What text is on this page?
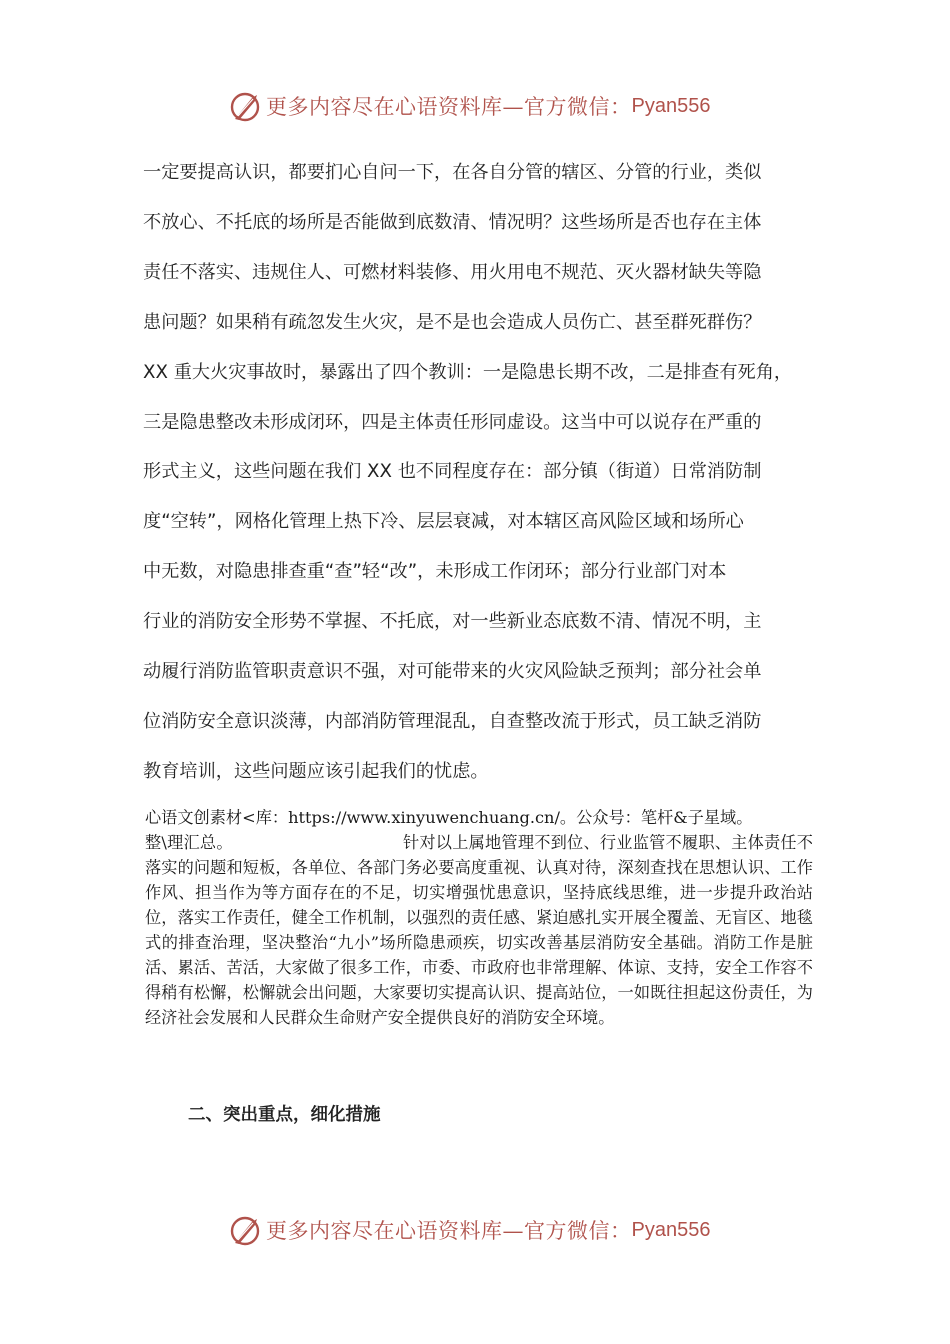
更多内容尽在心语资料库—官方微信： Pyan556
一定要提高认识，都要扪心自问一下，在各自分管的辖区、分管的行业，类似
不放心、不托底的场所是否能做到底数清、情况明？这些场所是否也存在主体
责任不落实、违规住人、可燃材料装修、用火用电不规范、灭火器材缺失等隐
患问题？如果稍有疏忽发生火灾，是不是也会造成人员伤亡、甚至群死群伤？
XX 重大火灾事故时，暴露出了四个教训：一是隐患长期不改，二是排查有死角，
三是隐患整改未形成闭环，四是主体责任形同虚设。这当中可以说存在严重的
形式主义，这些问题在我们 XX 也不同程度存在：部分镇（街道）日常消防制
度“空转”，网格化管理上热下冷、层层衰减，对本辖区高风险区域和场所心
中无数，对隐患排查重“查”轻“改”，未形成工作闭环；部分行业部门对本
行业的消防安全形势不掌握、不托底，对一些新业态底数不清、情况不明，主
动履行消防监管职责意识不强，对可能带来的火灾风险缺乏预判；部分社会单
位消防安全意识淡薄，内部消防管理混乱，自查整改流于形式，员工缺乏消防
教育培训，这些问题应该引起我们的忧虑。
心语文创素材<库：https://www.xinyuwenchuang.cn/。公众号：笔杆&子星域。
整\理汇总。	针对以上属地管理不到位、行业监管不履职、主体责任不落实的问题和短板，各单位、各部门务必要高度重视、认真对待，深刻查找在思想认识、工作作风、担当作为等方面存在的不足，切实增强忧患意识，坚持底线思维，进一步提升政治站位，落实工作责任，健全工作机制，以强烈的责任感、紧迫感扎实开展全覆盖、无盲区、地毯式的排查治理，坚决整治“九小”场所隐患顽疾，切实改善基层消防安全基础。消防工作是脏活、累活、苦活，大家做了很多工作，市委、市政府也非常理解、体谅、支持，安全工作容不得稍有松懈，松懈就会出问题，大家要切实提高认识、提高站位，一如既往担起这份责任，为经济社会发展和人民群众生命财产安全提供良好的消防安全环境。
二、突出重点，细化措施
更多内容尽在心语资料库—官方微信： Pyan556
